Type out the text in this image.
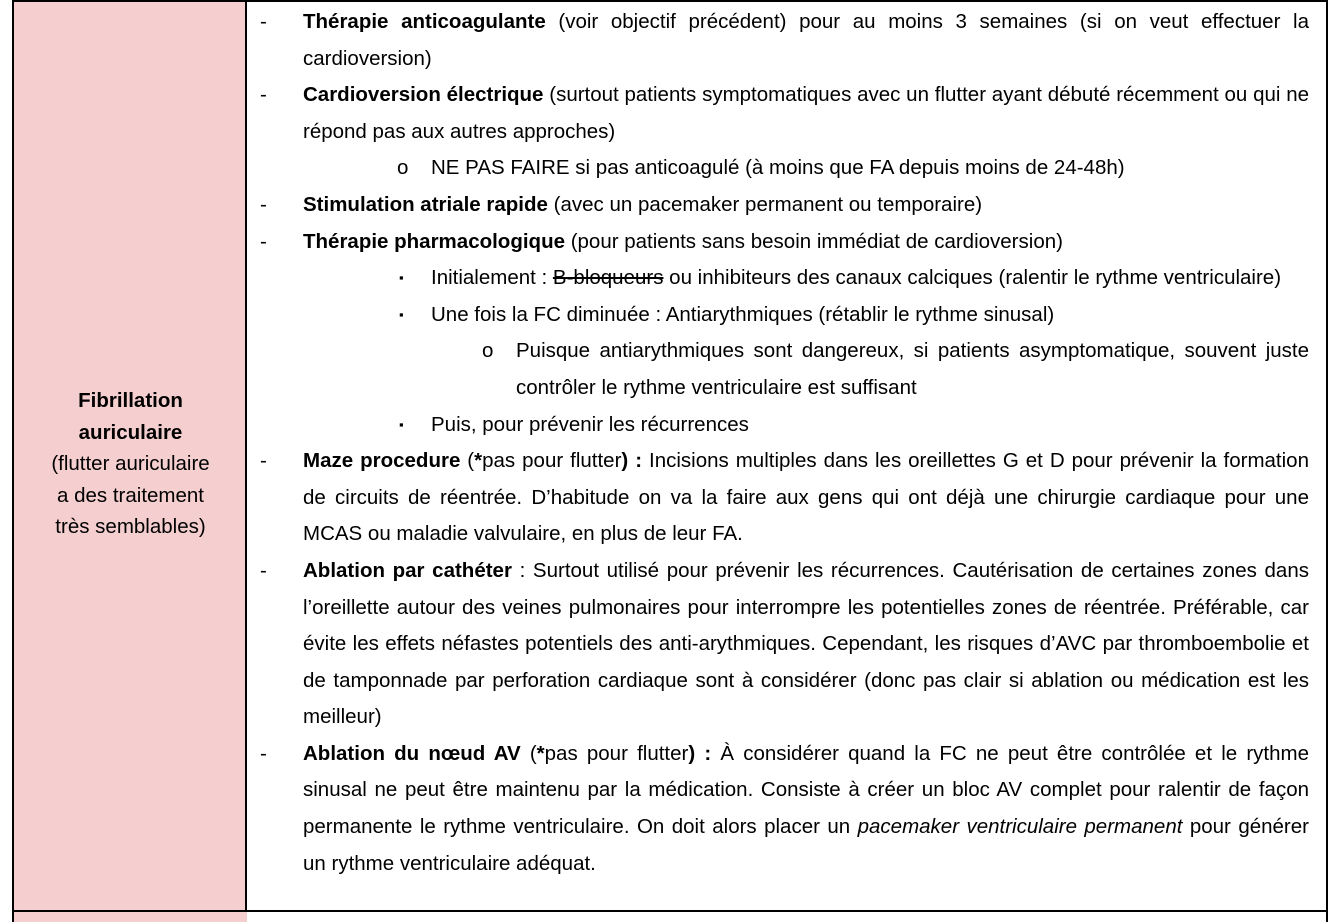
Fibrillation
auriculaire
(flutter auriculaire
a des traitement
très semblables)
- Thérapie anticoagulante (voir objectif précédent) pour au moins 3 semaines (si on veut effectuer la cardioversion)
- Cardioversion électrique (surtout patients symptomatiques avec un flutter ayant débuté récemment ou qui ne répond pas aux autres approches)
o NE PAS FAIRE si pas anticoagulé (à moins que FA depuis moins de 24-48h)
- Stimulation atriale rapide (avec un pacemaker permanent ou temporaire)
- Thérapie pharmacologique (pour patients sans besoin immédiat de cardioversion)
▪ Initialement : B-bloqueurs ou inhibiteurs des canaux calciques (ralentir le rythme ventriculaire)
▪ Une fois la FC diminuée : Antiarythmiques (rétablir le rythme sinusal)
o Puisque antiarythmiques sont dangereux, si patients asymptomatique, souvent juste contrôler le rythme ventriculaire est suffisant
▪ Puis, pour prévenir les récurrences
- Maze procedure (*pas pour flutter) : Incisions multiples dans les oreillettes G et D pour prévenir la formation de circuits de réentrée. D’habitude on va la faire aux gens qui ont déjà une chirurgie cardiaque pour une MCAS ou maladie valvulaire, en plus de leur FA.
- Ablation par cathéter : Surtout utilisé pour prévenir les récurrences. Cautérisation de certaines zones dans l’oreillette autour des veines pulmonaires pour interrompre les potentielles zones de réentrée. Préférable, car évite les effets néfastes potentiels des anti-arythmiques. Cependant, les risques d’AVC par thromboembolie et de tamponnade par perforation cardiaque sont à considérer (donc pas clair si ablation ou médication est les meilleur)
- Ablation du nœud AV (*pas pour flutter) : À considérer quand la FC ne peut être contrôlée et le rythme sinusal ne peut être maintenu par la médication. Consiste à créer un bloc AV complet pour ralentir de façon permanente le rythme ventriculaire. On doit alors placer un pacemaker ventriculaire permanent pour générer un rythme ventriculaire adéquat.
